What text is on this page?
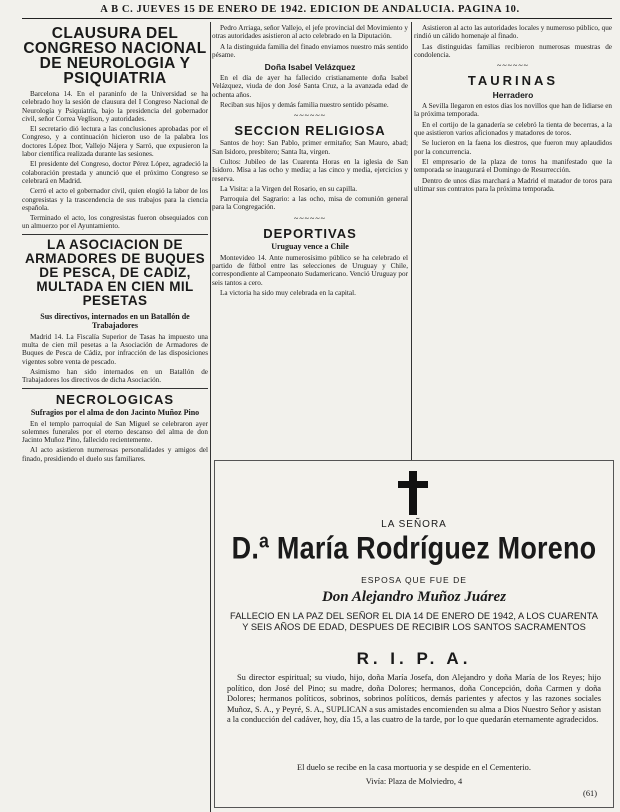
A B C. JUEVES 15 DE ENERO DE 1942. EDICION DE ANDALUCIA. PAGINA 10.
CLAUSURA DEL CONGRESO NACIONAL DE NEUROLOGIA Y PSIQUIATRIA

Barcelona 14. En el paraninfo de la Universidad se ha celebrado hoy la sesión de clausura del I Congreso Nacional de Neurología y Psiquiatría, bajo la presidencia del gobernador civil, señor Correa Veglison, y autoridades.

El secretario dió lectura a las conclusiones aprobadas por el Congreso, y a continuación hicieron uso de la palabra los doctores López Ibor, Vallejo Nájera y Sarró, que expusieron la labor científica realizada durante las sesiones.

El presidente del Congreso, doctor Pérez López, agradeció la colaboración prestada y anunció que el próximo Congreso se celebrará en Madrid.

Cerró el acto el gobernador civil, quien elogió la labor de los congresistas y la trascendencia de sus trabajos para la ciencia española.

Terminado el acto, los congresistas fueron obsequiados con un almuerzo por el Ayuntamiento.

LA ASOCIACION DE ARMADORES DE BUQUES DE PESCA, DE CADIZ, MULTADA EN CIEN MIL PESETAS
Sus directivos, internados en un Batallón de Trabajadores

Madrid 14. La Fiscalía Superior de Tasas ha impuesto una multa de cien mil pesetas a la Asociación de Armadores de Buques de Pesca de Cádiz, por infracción de las disposiciones vigentes sobre venta de pescado.

Asimismo han sido internados en un Batallón de Trabajadores los directivos de dicha Asociación.

NECROLOGICAS
Sufragios por el alma de don Jacinto Muñoz Pino

En el templo parroquial de San Miguel se celebraron ayer solemnes funerales por el eterno descanso del alma de don Jacinto Muñoz Pino, fallecido recientemente.

Al acto asistieron numerosas personalidades y amigos del finado, presidiendo el duelo sus familiares.

Pedro Arriaga, señor Vallejo, el jefe provincial del Movimiento y otras autoridades asistieron al acto celebrado en la Diputación.

A la distinguida familia del finado enviamos nuestro más sentido pésame.

Doña Isabel Velázquez

En el día de ayer ha fallecido cristianamente doña Isabel Velázquez, viuda de don José Santa Cruz, a la avanzada edad de ochenta años.

Reciban sus hijos y demás familia nuestro sentido pésame.

~~~~~~
SECCION RELIGIOSA

Santos de hoy: San Pablo, primer ermitaño; San Mauro, abad; San Isidoro, presbítero; Santa Ita, virgen.

Cultos: Jubileo de las Cuarenta Horas en la iglesia de San Isidoro. Misa a las ocho y media; a las cinco y media, ejercicios y reserva.

La Visita: a la Virgen del Rosario, en su capilla.

Parroquia del Sagrario: a las ocho, misa de comunión general para la Congregación.

~~~~~~
DEPORTIVAS
Uruguay vence a Chile

Montevideo 14. Ante numerosísimo público se ha celebrado el partido de fútbol entre las selecciones de Uruguay y Chile, correspondiente al Campeonato Sudamericano. Venció Uruguay por seis tantos a cero.

La victoria ha sido muy celebrada en la capital.

Asistieron al acto las autoridades locales y numeroso público, que rindió un cálido homenaje al finado.

Las distinguidas familias recibieron numerosas muestras de condolencia.

~~~~~~
TAURINAS
Herradero

A Sevilla llegaron en estos días los novillos que han de lidiarse en la próxima temporada.

En el cortijo de la ganadería se celebró la tienta de becerras, a la que asistieron varios aficionados y matadores de toros.

Se lucieron en la faena los diestros, que fueron muy aplaudidos por la concurrencia.

El empresario de la plaza de toros ha manifestado que la temporada se inaugurará el Domingo de Resurrección.

Dentro de unos días marchará a Madrid el matador de toros para ultimar sus contratos para la próxima temporada.

LA SEÑORA
D.ª María Rodríguez Moreno
ESPOSA QUE FUE DE
Don Alejandro Muñoz Juárez
FALLECIO EN LA PAZ DEL SEÑOR EL DIA 14 DE ENERO DE 1942, A LOS CUARENTA Y SEIS AÑOS DE EDAD, DESPUES DE RECIBIR LOS SANTOS SACRAMENTOS
R. I. P. A.
Su director espiritual; su viudo, hijo, doña María Josefa, don Alejandro y doña María de los Reyes; hijo político, don José del Pino; su madre, doña Dolores; hermanos, doña Concepción, doña Carmen y doña Dolores; hermanos políticos, sobrinos, sobrinos políticos, demás parientes y afectos y las razones sociales Muñoz, S. A., y Peyré, S. A., SUPLICAN a sus amistades encomienden su alma a Dios Nuestro Señor y asistan a la conducción del cadáver, hoy, día 15, a las cuatro de la tarde, por lo que quedarán eternamente agradecidos.
El duelo se recibe en la casa mortuoria y se despide en el Cementerio.
Vivía: Plaza de Molviedro, 4
(61)
